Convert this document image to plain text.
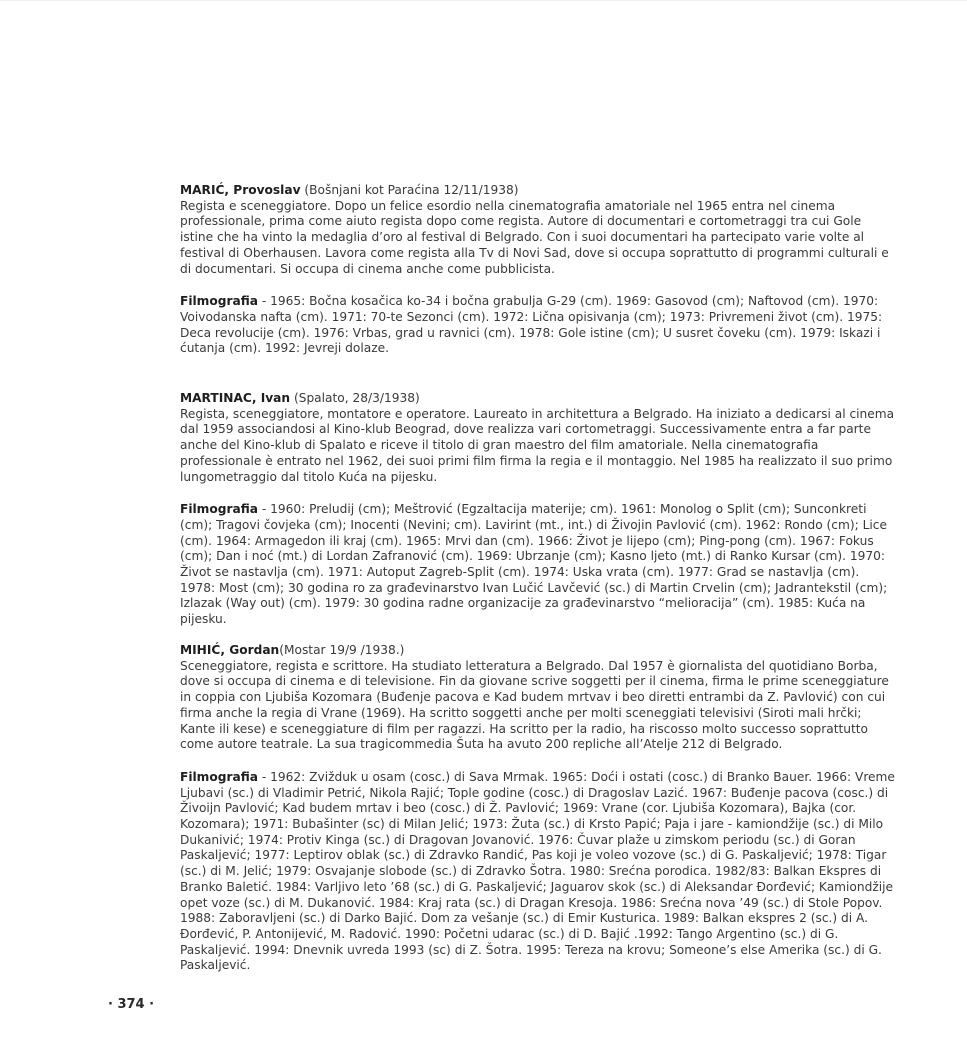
MARIĆ, Provoslav (Bošnjani kot Paraćina 12/11/1938)

Regista e sceneggiatore. Dopo un felice esordio nella cinematografia amatoriale nel 1965 entra nel cinema professionale, prima come aiuto regista dopo come regista. Autore di documentari e cortometraggi tra cui Gole istine che ha vinto la medaglia d’oro al festival di Belgrado. Con i suoi documentari ha partecipato varie volte al festival di Oberhausen. Lavora come regista alla Tv di Novi Sad, dove si occupa soprattutto di programmi culturali e di documentari. Si occupa di cinema anche come pubblicista.

Filmografia - 1965: Bočna kosačica ko-34 i bočna grabulja G-29 (cm). 1969: Gasovod (cm); Naftovod (cm). 1970: Voivodanska nafta (cm). 1971: 70-te Sezonci (cm). 1972: Lična opisivanja (cm); 1973: Privremeni život (cm). 1975: Deca revolucije (cm). 1976: Vrbas, grad u ravnici (cm). 1978: Gole istine (cm); U susret čoveku (cm). 1979: Iskazi i ćutanja (cm). 1992: Jevreji dolaze.

MARTINAC, Ivan (Spalato, 28/3/1938)

Regista, sceneggiatore, montatore e operatore. Laureato in architettura a Belgrado. Ha iniziato a dedicarsi al cinema dal 1959 associandosi al Kino-klub Beograd, dove realizza vari cortometraggi. Successivamente entra a far parte anche del Kino-klub di Spalato e riceve il titolo di gran maestro del film amatoriale. Nella cinematografia professionale è entrato nel 1962, dei suoi primi film firma la regia e il montaggio. Nel 1985 ha realizzato il suo primo lungometraggio dal titolo Kuća na pijesku.

Filmografia - 1960: Preludij (cm); Meštrović (Egzaltacija materije; cm). 1961: Monolog o Split (cm); Sunconkreti (cm); Tragovi čovjeka (cm); Inocenti (Nevini; cm). Lavirint (mt., int.) di Živojin Pavlović (cm). 1962: Rondo (cm); Lice (cm). 1964: Armagedon ili kraj (cm). 1965: Mrvi dan (cm). 1966: Život je lijepo (cm); Ping-pong (cm). 1967: Fokus (cm); Dan i noć (mt.) di Lordan Zafranović (cm). 1969: Ubrzanje (cm); Kasno ljeto (mt.) di Ranko Kursar (cm). 1970: Život se nastavlja (cm). 1971: Autoput Zagreb-Split (cm). 1974: Uska vrata (cm). 1977: Grad se nastavlja (cm). 1978: Most (cm); 30 godina ro za građevinarstvo Ivan Lučić Lavčević (sc.) di Martin Crvelin (cm); Jadrantekstil (cm); Izlazak (Way out) (cm). 1979: 30 godina radne organizacije za građevinarstvo “melioracija” (cm). 1985: Kuća na pijesku.

MIHIĆ, Gordan(Mostar 19/9 /1938.)

Sceneggiatore, regista e scrittore. Ha studiato letteratura a Belgrado. Dal 1957 è giornalista del quotidiano Borba, dove si occupa di cinema e di televisione. Fin da giovane scrive soggetti per il cinema, firma le prime sceneggiature in coppia con Ljubiša Kozomara (Buđenje pacova e Kad budem mrtvav i beo diretti entrambi da Z. Pavlović) con cui firma anche la regia di Vrane (1969). Ha scritto soggetti anche per molti sceneggiati televisivi (Siroti mali hrčki; Kante ili kese) e sceneggiature di film per ragazzi. Ha scritto per la radio, ha riscosso molto successo soprattutto come autore teatrale. La sua tragicommedia Šuta ha avuto 200 repliche all’Atelje 212 di Belgrado.

Filmografia - 1962: Zvižduk u osam (cosc.) di Sava Mrmak. 1965: Doći i ostati (cosc.) di Branko Bauer. 1966: Vreme Ljubavi (sc.) di Vladimir Petrić, Nikola Rajić; Tople godine (cosc.) di Dragoslav Lazić. 1967: Buđenje pacova (cosc.) di Živoijn Pavlović; Kad budem mrtav i beo (cosc.) di Ž. Pavlović; 1969: Vrane (cor. Ljubiša Kozomara), Bajka (cor. Kozomara); 1971: Bubašinter (sc) di Milan Jelić; 1973: Žuta (sc.) di Krsto Papić; Paja i jare - kamiondžije (sc.) di Milo Dukanivić; 1974: Protiv Kinga (sc.) di Dragovan Jovanović. 1976: Čuvar plaže u zimskom periodu (sc.) di Goran Paskaljević; 1977: Leptirov oblak (sc.) di Zdravko Randić, Pas koji je voleo vozove (sc.) di G. Paskaljević; 1978: Tigar (sc.) di M. Jelić; 1979: Osvajanje slobode (sc.) di Zdravko Šotra. 1980: Srećna porodica. 1982/83: Balkan Ekspres di Branko Baletić. 1984: Varljivo leto ’68 (sc.) di G. Paskaljević; Jaguarov skok (sc.) di Aleksandar Đorđević; Kamiondžije opet voze (sc.) di M. Dukanović. 1984: Kraj rata (sc.) di Dragan Kresoja. 1986: Srećna nova ’49 (sc.) di Stole Popov. 1988: Zaboravljeni (sc.) di Darko Bajić. Dom za vešanje (sc.) di Emir Kusturica. 1989: Balkan ekspres 2 (sc.) di A. Đorđević, P. Antonijević, M. Radović. 1990: Početni udarac (sc.) di D. Bajić .1992: Tango Argentino (sc.) di G. Paskaljević. 1994: Dnevnik uvreda 1993 (sc) di Z. Šotra. 1995: Tereza na krovu; Someone’s else Amerika (sc.) di G. Paskaljević.

· 374 ·
